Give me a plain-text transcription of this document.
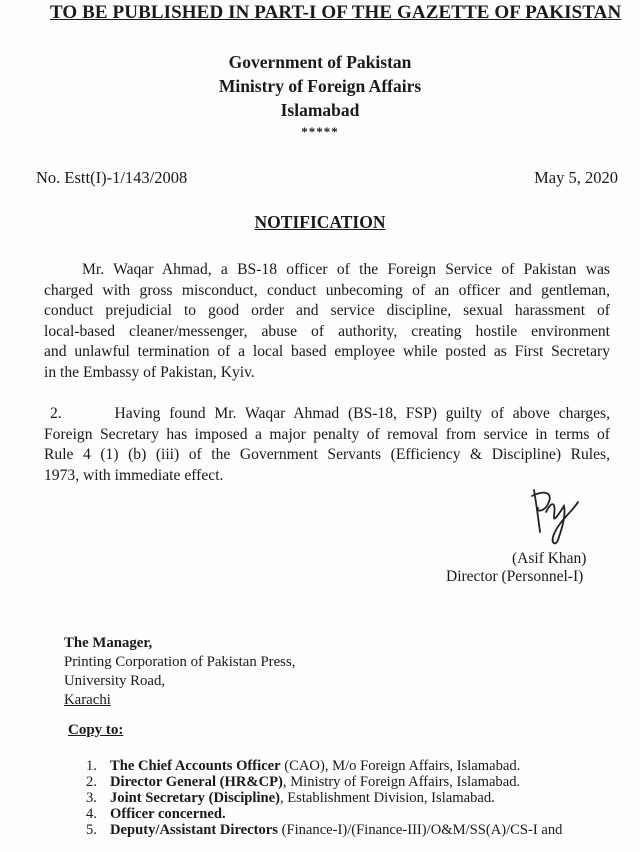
TO BE PUBLISHED IN PART-I OF THE GAZETTE OF PAKISTAN
Government of Pakistan
Ministry of Foreign Affairs
Islamabad
*****
No. Estt(I)-1/143/2008	May 5, 2020
NOTIFICATION
Mr. Waqar Ahmad, a BS-18 officer of the Foreign Service of Pakistan was
charged with gross misconduct, conduct unbecoming of an officer and gentleman,
conduct prejudicial to good order and service discipline, sexual harassment of
local-based cleaner/messenger, abuse of authority, creating hostile environment
and unlawful termination of a local based employee while posted as First Secretary
in the Embassy of Pakistan, Kyiv.
2.      Having found Mr. Waqar Ahmad (BS-18, FSP) guilty of above charges,
Foreign Secretary has imposed a major penalty of removal from service in terms of
Rule 4 (1) (b) (iii) of the Government Servants (Efficiency & Discipline) Rules,
1973, with immediate effect.
(Asif Khan)
Director (Personnel-I)
The Manager,
Printing Corporation of Pakistan Press,
University Road,
Karachi
Copy to:
1. The Chief Accounts Officer (CAO), M/o Foreign Affairs, Islamabad.
2. Director General (HR&CP), Ministry of Foreign Affairs, Islamabad.
3. Joint Secretary (Discipline), Establishment Division, Islamabad.
4. Officer concerned.
5. Deputy/Assistant Directors (Finance-I)/(Finance-III)/O&M/SS(A)/CS-I and
